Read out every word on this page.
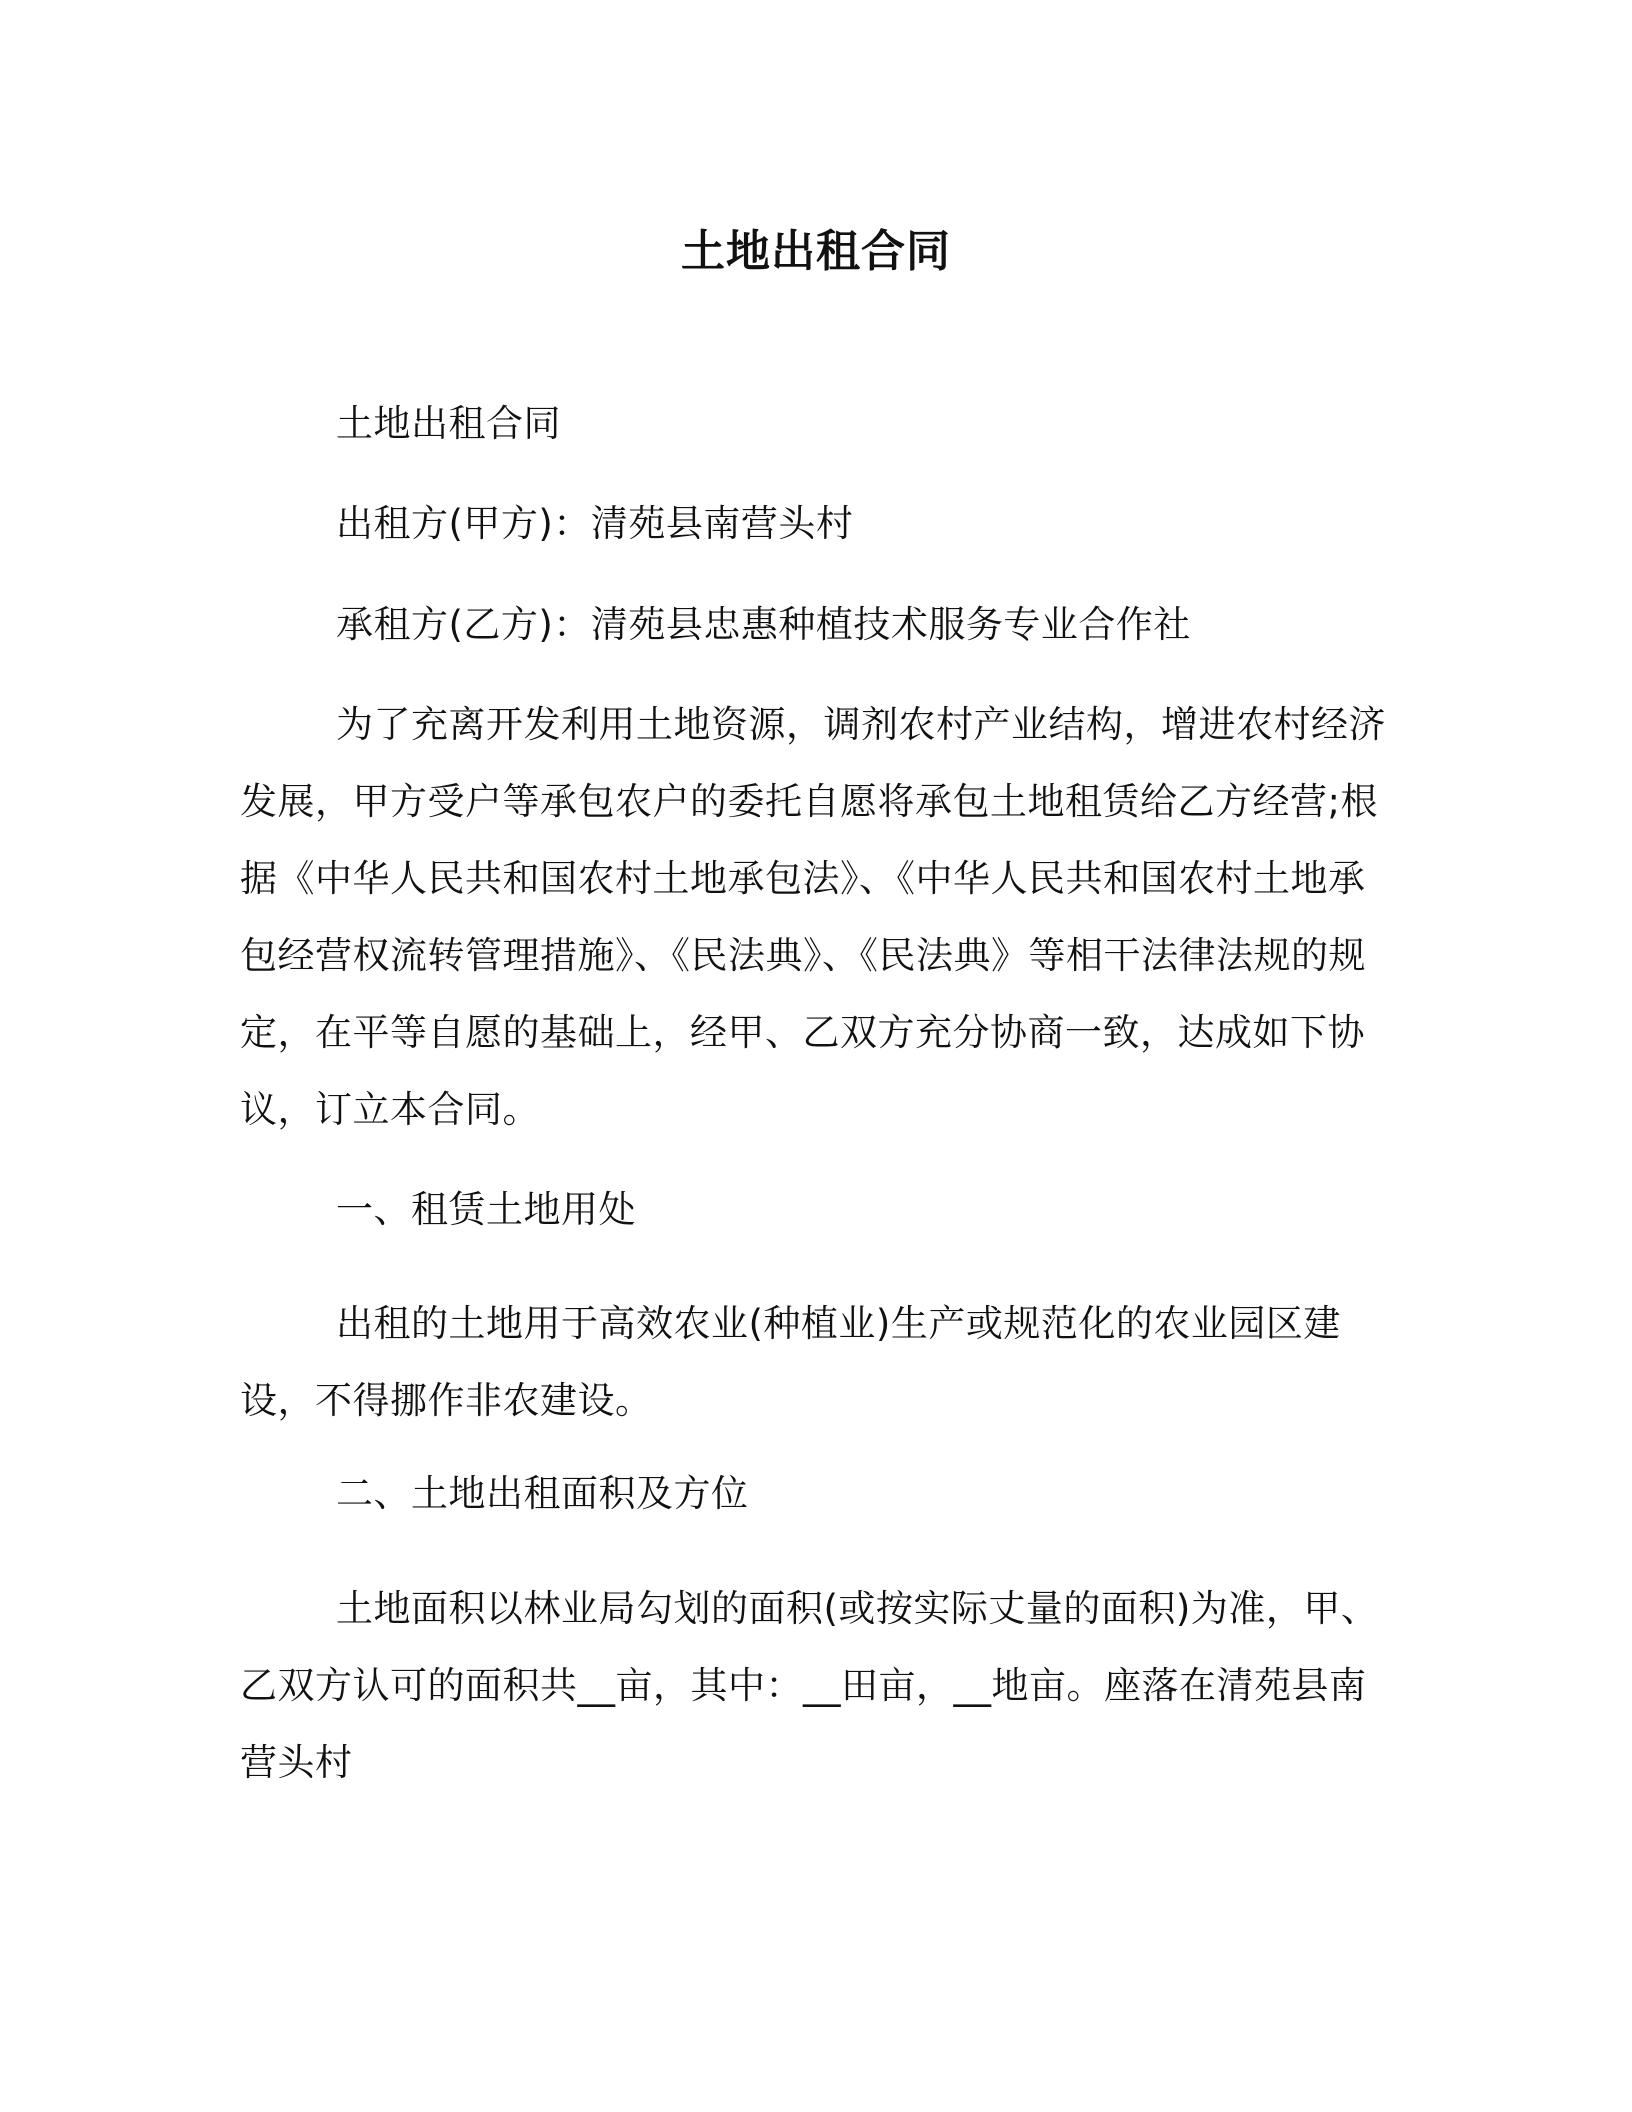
土地出租合同

土地出租合同

出租方(甲方)：清苑县南营头村

承租方(乙方)：清苑县忠惠种植技术服务专业合作社

为了充离开发利用土地资源，调剂农村产业结构，增进农村经济发展，甲方受户等承包农户的委托自愿将承包土地租赁给乙方经营;根据《中华人民共和国农村土地承包法》、《中华人民共和国农村土地承包经营权流转管理措施》、《民法典》、《民法典》等相干法律法规的规定，在平等自愿的基础上，经甲、乙双方充分协商一致，达成如下协议，订立本合同。

一、租赁土地用处

出租的土地用于高效农业(种植业)生产或规范化的农业园区建设，不得挪作非农建设。

二、土地出租面积及方位

土地面积以林业局勾划的面积(或按实际丈量的面积)为准，甲、乙双方认可的面积共__亩，其中：__田亩，__地亩。座落在清苑县南营头村
